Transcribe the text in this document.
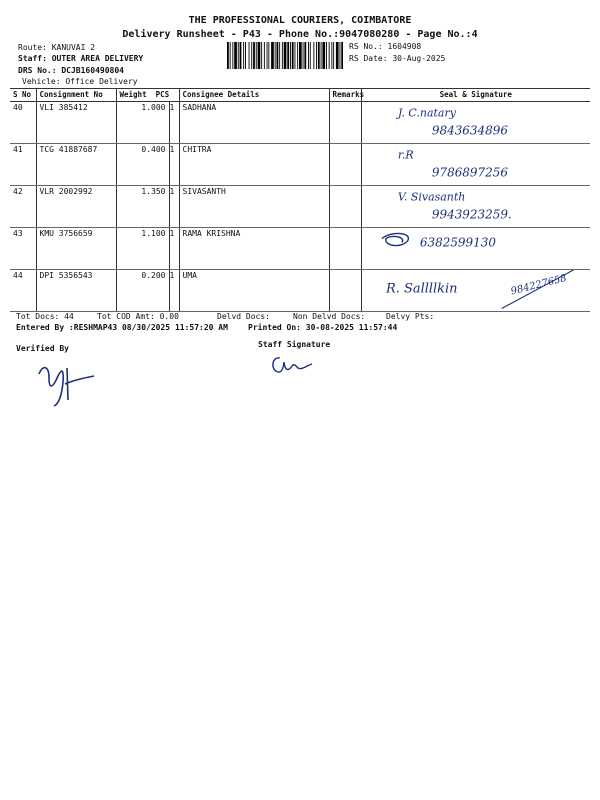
THE PROFESSIONAL COURIERS, COIMBATORE
Delivery Runsheet - P43 - Phone No.:9047080280 - Page No.:4
Route: KANUVAI 2
Staff: OUTER AREA DELIVERY
DRS No.: DCJB160490804
Vehicle: Office Delivery
RS No.: 1604908
RS Date: 30-Aug-2025
S No	Consignment No	Weight PCS		Consignee Details	Remarks	Seal & Signature
40	VLI 385412	1.000	1	SADHANA		J. C.natary
9843634896

41	TCG 41887687	0.400	1	CHITRA		r.R
9786897256

42	VLR 2002992	1.350	1	SIVASANTH		V. Sivasanth
9943923259.

43	KMU 3756659	1.100	1	RAMA KRISHNA		6382599130

44	DPI 5356543	0.200	1	UMA		R. Sallllkin 984227658
Tot Docs: 44	Tot COD Amt: 0.00	Delvd Docs:	Non Delvd Docs:	Delvy Pts:
Entered By :RESHMAP43 08/30/2025 11:57:20 AM	Printed On: 30-08-2025 11:57:44
Verified By	Staff Signature
